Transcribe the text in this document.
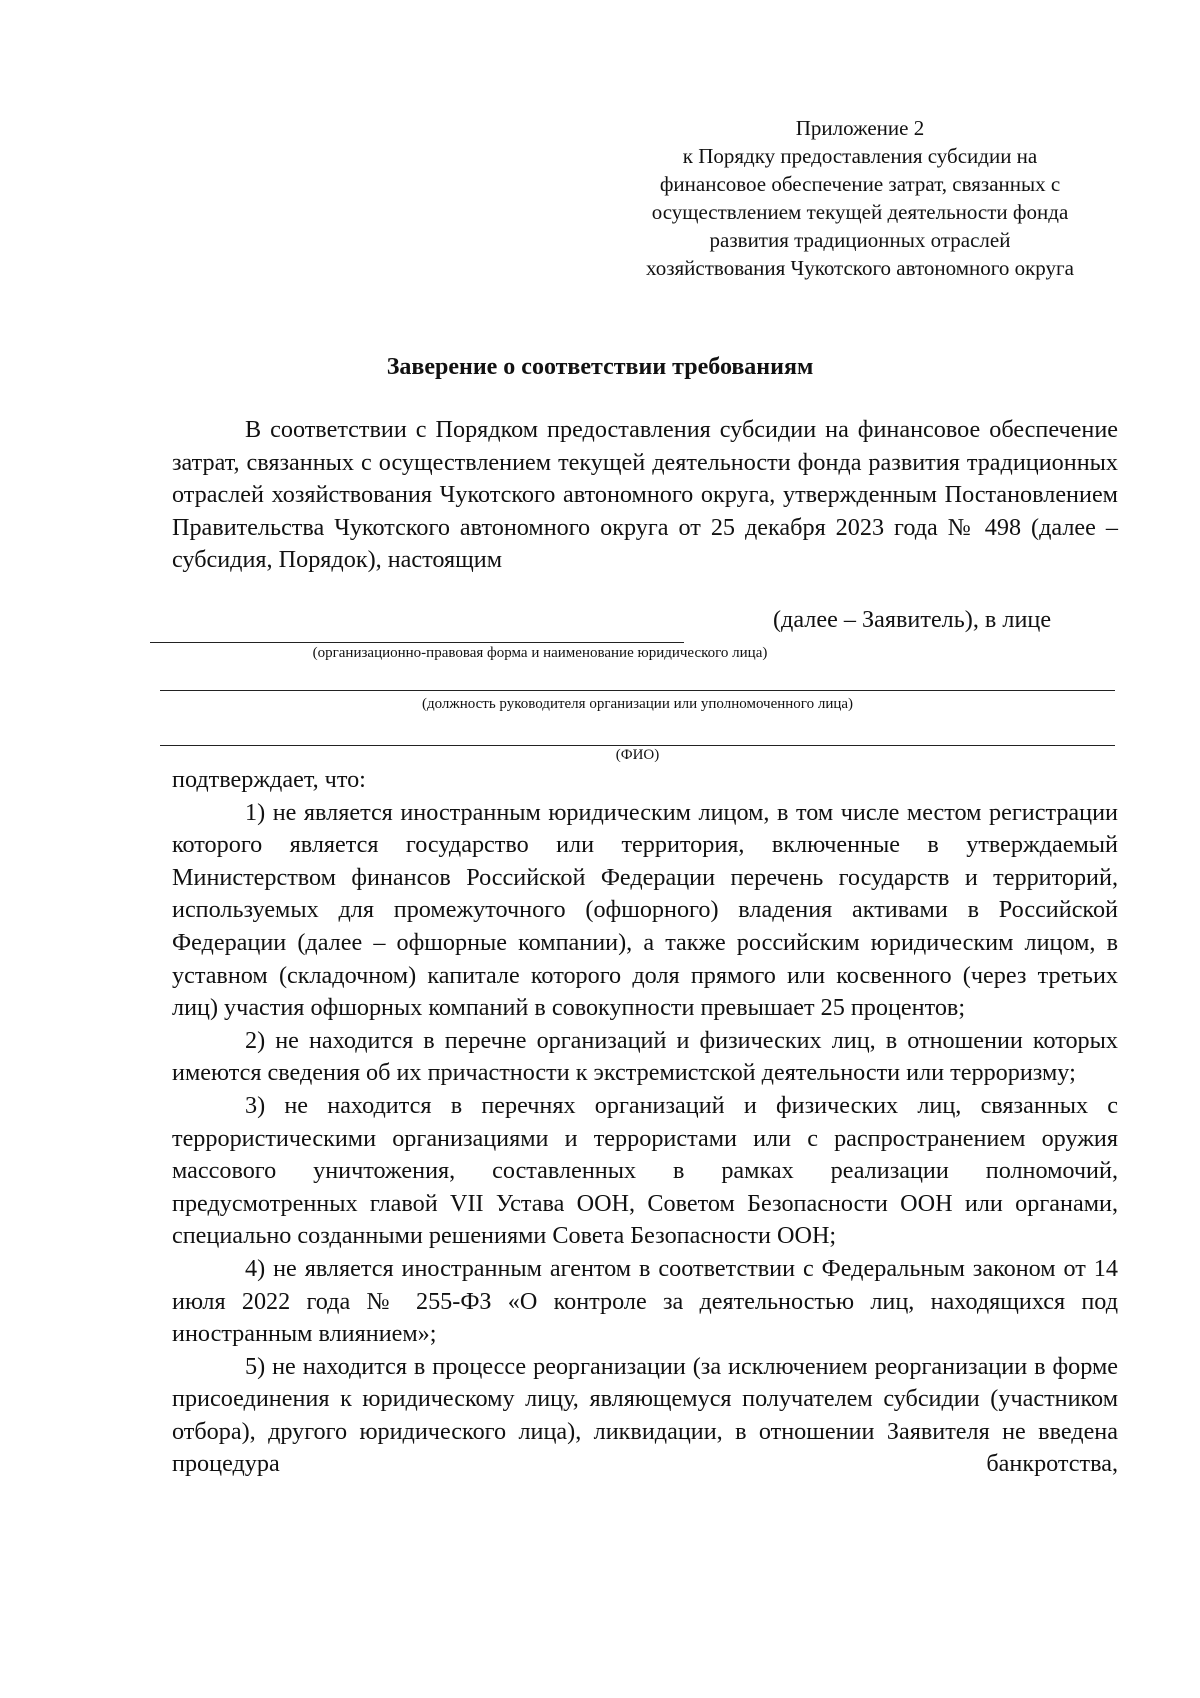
Приложение 2
к Порядку предоставления субсидии на
финансовое обеспечение затрат, связанных с
осуществлением текущей деятельности фонда
развития традиционных отраслей
хозяйствования Чукотского автономного округа
Заверение о соответствии требованиям

В соответствии с Порядком предоставления субсидии на финансовое обеспечение затрат, связанных с осуществлением текущей деятельности фонда развития традиционных отраслей хозяйствования Чукотского автономного округа, утвержденным Постановлением Правительства Чукотского автономного округа от 25 декабря 2023 года № 498 (далее – субсидия, Порядок), настоящим

(далее – Заявитель), в лице
(организационно-правовая форма и наименование юридического лица)
(должность руководителя организации или уполномоченного лица)
(ФИО)

подтверждает, что:

1) не является иностранным юридическим лицом, в том числе местом регистрации которого является государство или территория, включенные в утверждаемый Министерством финансов Российской Федерации перечень государств и территорий, используемых для промежуточного (офшорного) владения активами в Российской Федерации (далее – офшорные компании), а также российским юридическим лицом, в уставном (складочном) капитале которого доля прямого или косвенного (через третьих лиц) участия офшорных компаний в совокупности превышает 25 процентов;

2) не находится в перечне организаций и физических лиц, в отношении которых имеются сведения об их причастности к экстремистской деятельности или терроризму;

3) не находится в перечнях организаций и физических лиц, связанных с террористическими организациями и террористами или с распространением оружия массового уничтожения, составленных в рамках реализации полномочий, предусмотренных главой VII Устава ООН, Советом Безопасности ООН или органами, специально созданными решениями Совета Безопасности ООН;

4) не является иностранным агентом в соответствии с Федеральным законом от 14 июля 2022 года № 255-ФЗ «О контроле за деятельностью лиц, находящихся под иностранным влиянием»;

5) не находится в процессе реорганизации (за исключением реорганизации в форме присоединения к юридическому лицу, являющемуся получателем субсидии (участником отбора), другого юридического лица), ликвидации, в отношении Заявителя не введена процедура банкротства,
